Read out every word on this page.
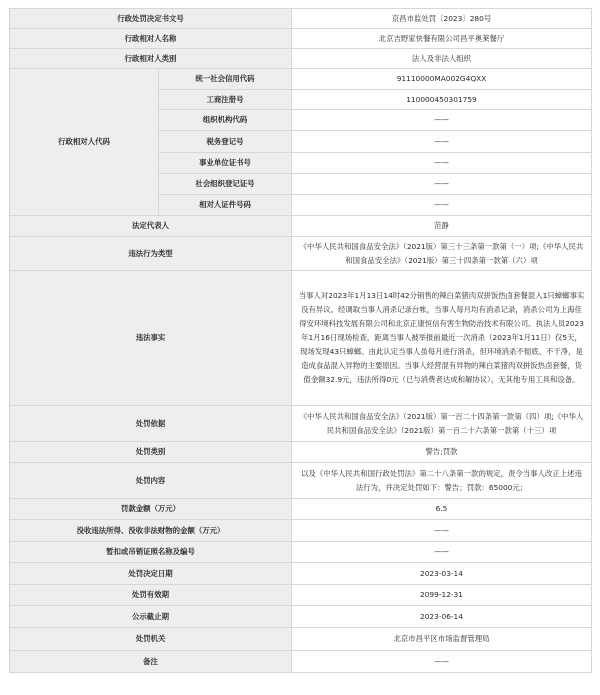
行政处罚决定书文号		京昌市监处罚〔2023〕280号
行政相对人名称		北京吉野家快餐有限公司昌平奥莱餐厅
行政相对人类别		法人及非法人组织
行政相对人代码	统一社会信用代码	91110000MA002G4QXX
	工商注册号	110000450301759
	组织机构代码	——
	税务登记号	——
	事业单位证书号	——
	社会组织登记证号	——
	相对人证件号码	——
法定代表人		范静
违法行为类型		《中华人民共和国食品安全法》（2021版）第三十三条第一款第（一）项;《中华人民共和国食品安全法》（2021版）第三十四条第一款第（六）项
违法事实		当事人对2023年1月13日14时42分销售的辣白菜猪肉双拼饭热卤套餐混入1只蟑螂事实没有异议。经调取当事人消杀记录台帐，当事人每月均有消杀记录，消杀公司为上海佳得安环境科技发展有限公司和北京正康恒信有害生物防治技术有限公司。执法人员2023年1月16日现场检查，距离当事人被举报前最近一次消杀（2023年1月11日）仅5天，现场发现43只蟑螂。由此认定当事人虽每月进行消杀，但环境消杀不彻底、不干净，是造成食品混入异物的主要原因。当事人经营混有异物的辣白菜猪肉双拼饭热卤套餐，货值金额32.9元，违法所得0元（已与消费者达成和解协议），无其他专用工具和设备。
处罚依据		《中华人民共和国食品安全法》（2021版）第一百二十四条第一款第（四）项;《中华人民共和国食品安全法》（2021版）第一百二十六条第一款第（十三）项
处罚类别		警告;罚款
处罚内容		以及《中华人民共和国行政处罚法》第二十八条第一款的规定，责令当事人改正上述违法行为，并决定处罚如下：警告；罚款：65000元；
罚款金额（万元）		6.5
没收违法所得、没收非法财物的金额（万元）		——
暂扣或吊销证照名称及编号		——
处罚决定日期		2023-03-14
处罚有效期		2099-12-31
公示截止期		2023-06-14
处罚机关		北京市昌平区市场监督管理局
备注		——
